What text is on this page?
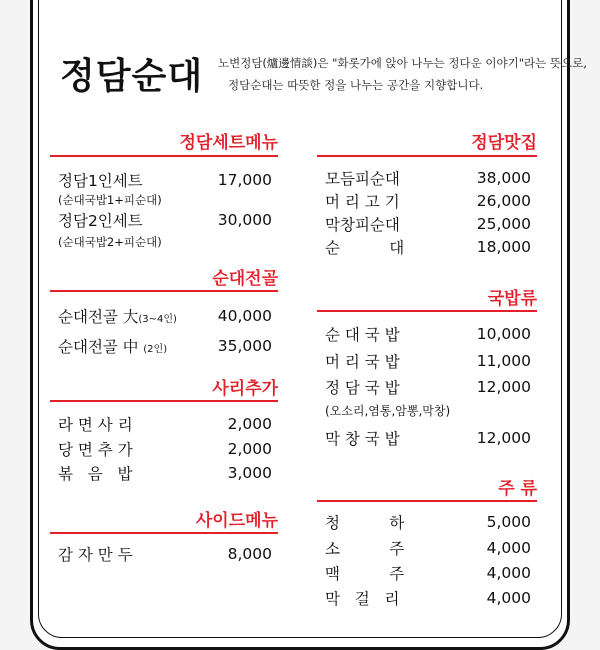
정담순대 노변정담(爐邊情談)은 "화롯가에 앉아 나누는 정다운 이야기"라는 뜻으로,
정담순대는 따뜻한 정을 나누는 공간을 지향합니다.
정담세트메뉴
정담1인세트	17,000
(순대국밥1+피순대)
정담2인세트	30,000
(순대국밥2+피순대)
순대전골
순대전골 大(3~4인)	40,000
순대전골 中 (2인)	35,000
사리추가
라 면 사 리	2,000
당 면 추 가	2,000
볶   음   밥	3,000
사이드메뉴
감 자 만 두	8,000
정담맛집
모듬피순대	38,000
머 리 고 기	26,000
막창피순대	25,000
순          대	18,000
국밥류
순 대 국 밥	10,000
머 리 국 밥	11,000
정 담 국 밥	12,000
(오소리,염통,암뽕,막창)
막 창 국 밥	12,000
주 류
청          하	5,000
소          주	4,000
맥          주	4,000
막   걸   리	4,000
